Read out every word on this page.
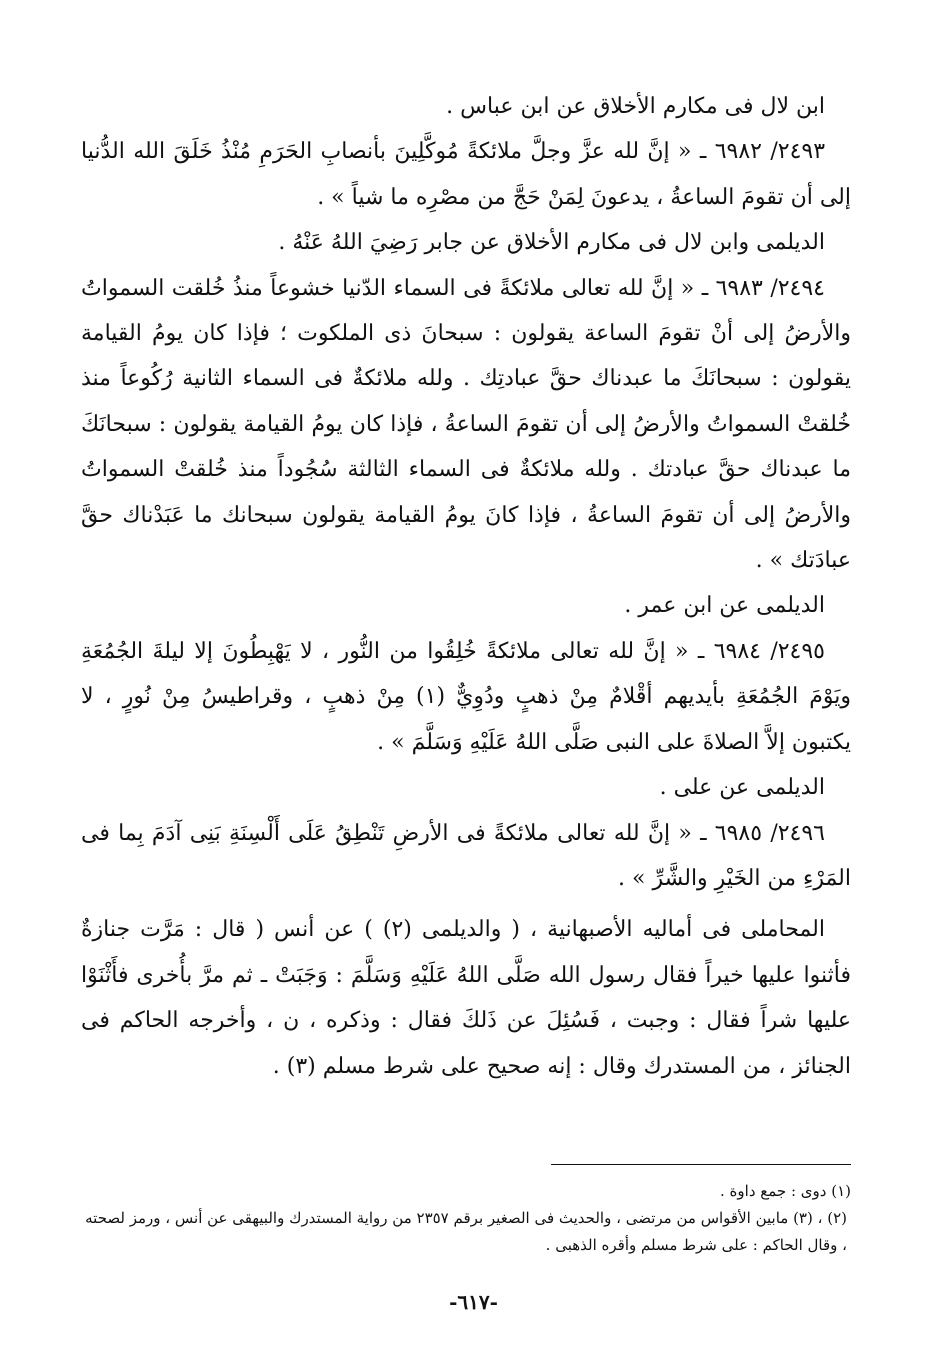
ابن لال فى مكارم الأخلاق عن ابن عباس .

٢٤٩٣/ ٦٩٨٢ ـ « إنَّ لله عزَّ وجلَّ ملائكةً مُوكَّلِينَ بأنصابِ الحَرَمِ مُنْذُ خَلَقَ الله الدُّنيا إلى أن تقومَ الساعةُ ، يدعونَ لِمَنْ حَجَّ من مصْرِه ما شياً » .

الديلمى وابن لال فى مكارم الأخلاق عن جابر رَضِيَ اللهُ عَنْهُ .

٢٤٩٤/ ٦٩٨٣ ـ « إنَّ لله تعالى ملائكةً فى السماء الدّنيا خشوعاً منذُ خُلقت السمواتُ والأرضُ إلى أنْ تقومَ الساعة يقولون : سبحانَ ذى الملكوت ؛ فإذا كان يومُ القيامة يقولون : سبحانَكَ ما عبدناك حقَّ عبادتِك . ولله ملائكةٌ فى السماء الثانية رُكُوعاً منذ خُلقتْ السمواتُ والأرضُ إلى أن تقومَ الساعةُ ، فإذا كان يومُ القيامة يقولون : سبحانَكَ ما عبدناك حقَّ عبادتك . ولله ملائكةٌ فى السماء الثالثة سُجُوداً منذ خُلقتْ السمواتُ والأرضُ إلى أن تقومَ الساعةُ ، فإذا كانَ يومُ القيامة يقولون سبحانك ما عَبَدْناك حقَّ عبادَتك » .

الديلمى عن ابن عمر .

٢٤٩٥/ ٦٩٨٤ ـ « إنَّ لله تعالى ملائكةً خُلِقُوا من النُّور ، لا يَهْبِطُونَ إلا ليلةَ الجُمُعَةِ ويَوْمَ الجُمُعَةِ بأيديهم أقْلامٌ مِنْ ذهبٍ ودُوِيٌّ (١) مِنْ ذهبٍ ، وقراطيسُ مِنْ نُورٍ ، لا يكتبون إلاَّ الصلاةَ على النبى صَلَّى اللهُ عَلَيْهِ وَسَلَّمَ » .

الديلمى عن على .

٢٤٩٦/ ٦٩٨٥ ـ « إنَّ لله تعالى ملائكةً فى الأرضِ تَنْطِقُ عَلَى أَلْسِنَةِ بَنِى آدَمَ بِما فى المَرْءِ من الخَيْرِ والشَّرِّ » .

المحاملى فى أماليه الأصبهانية ، ( والديلمى (٢) ) عن أنس ( قال : مَرَّت جنازةٌ فأثنوا عليها خيراً فقال رسول الله صَلَّى اللهُ عَلَيْهِ وَسَلَّمَ : وَجَبَتْ ـ ثم مرَّ بأُخرى فأَثْنَوْا عليها شراً فقال : وجبت ، فَسُئِلَ عن ذَلكَ فقال : وذكره ، ن ، وأخرجه الحاكم فى الجنائز ، من المستدرك وقال : إنه صحيح على شرط مسلم (٣) .

(١) دوى : جمع داوة .

(٢) ، (٣) مابين الأقواس من مرتضى ، والحديث فى الصغير برقم ٢٣٥٧ من رواية المستدرك والبيهقى عن أنس ، ورمز لصحته ، وقال الحاكم : على شرط مسلم وأقره الذهبى .

-٦١٧-
